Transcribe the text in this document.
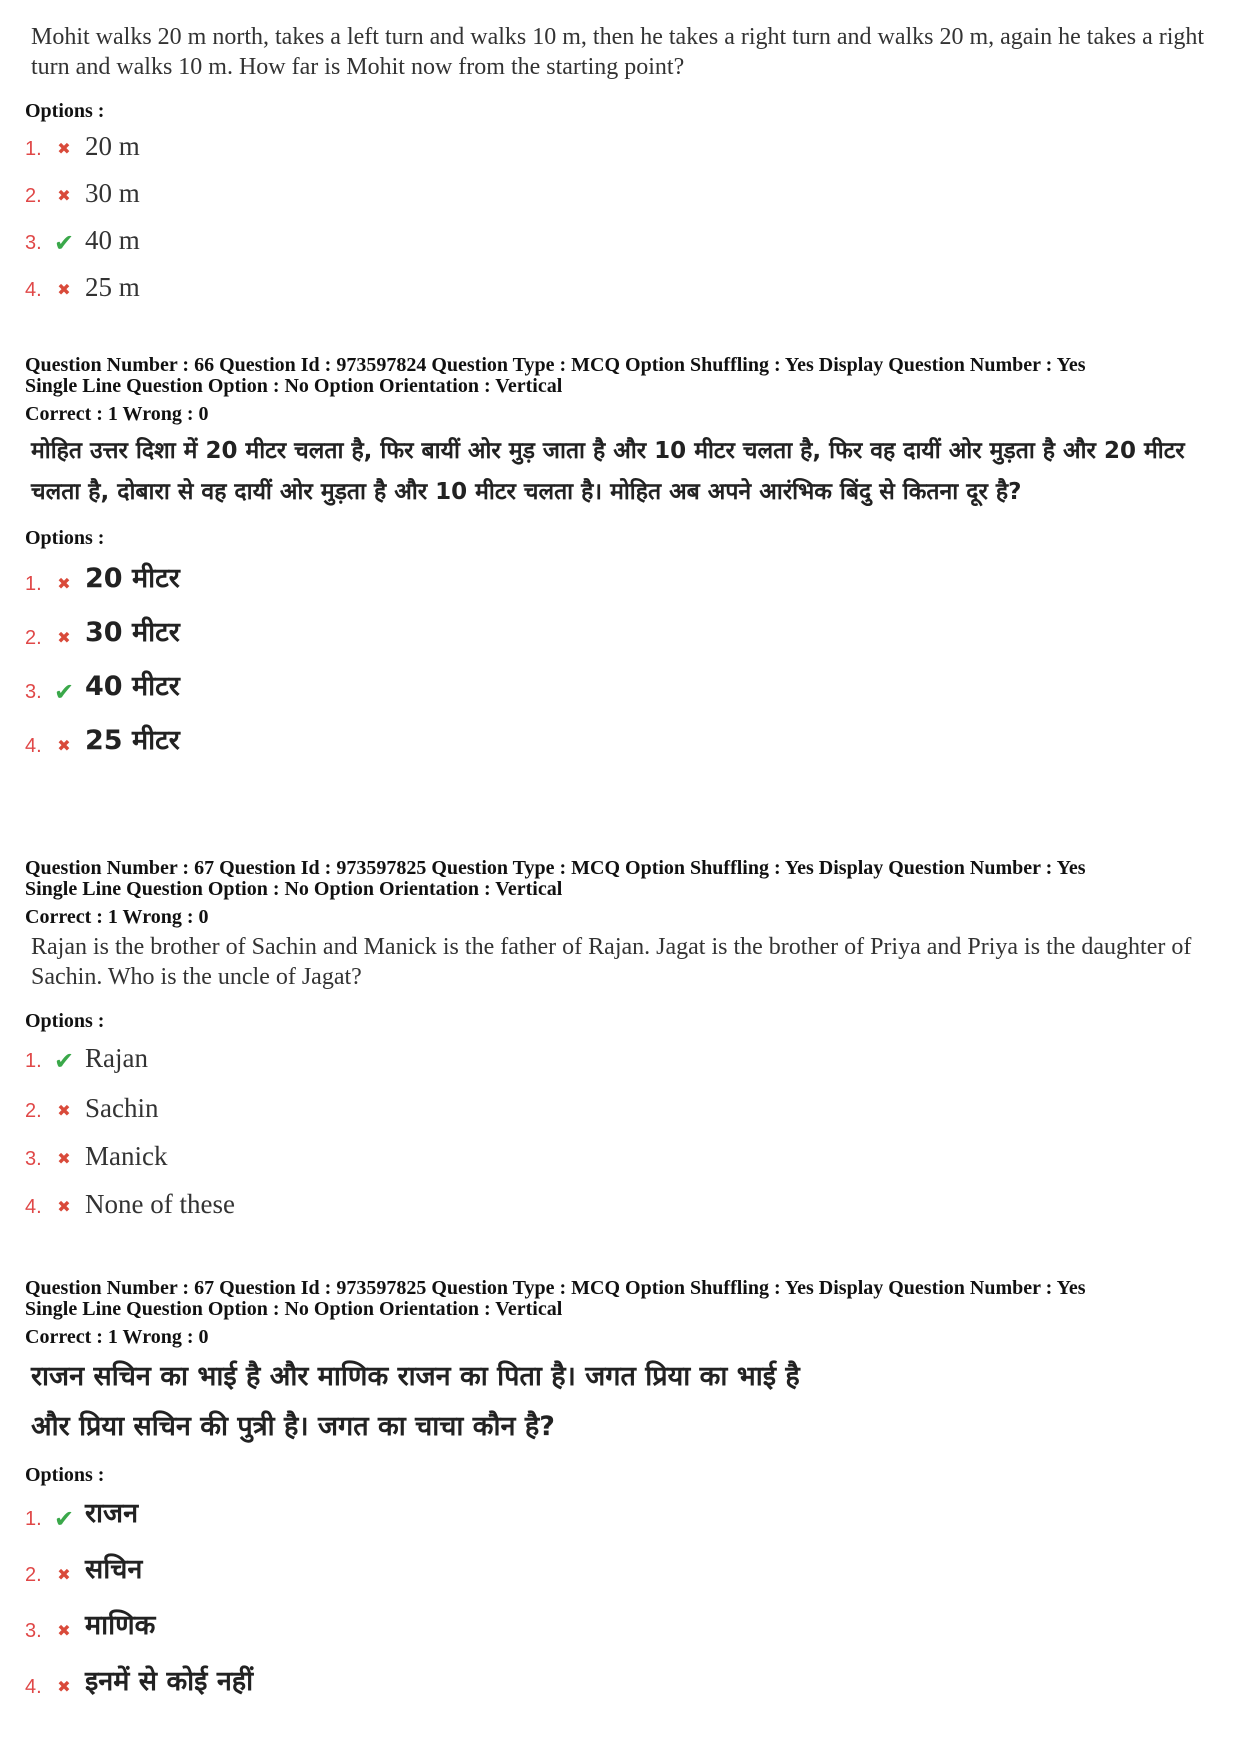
Mohit walks 20 m north, takes a left turn and walks 10 m, then he takes a right turn and walks 20 m, again he takes a right turn and walks 10 m. How far is Mohit now from the starting point?

Options :
1. ✖ 20 m
2. ✖ 30 m
3. ✔ 40 m
4. ✖ 25 m

Question Number : 66 Question Id : 973597824 Question Type : MCQ Option Shuffling : Yes Display Question Number : Yes

Single Line Question Option : No Option Orientation : Vertical

Correct : 1 Wrong : 0

मोहित उत्तर दिशा में 20 मीटर चलता है, फिर बायीं ओर मुड़ जाता है और 10 मीटर चलता है, फिर वह दायीं ओर मुड़ता है और 20 मीटर चलता है, दोबारा से वह दायीं ओर मुड़ता है और 10 मीटर चलता है। मोहित अब अपने आरंभिक बिंदु से कितना दूर है?

Options :
1. ✖ 20 मीटर
2. ✖ 30 मीटर
3. ✔ 40 मीटर
4. ✖ 25 मीटर

Question Number : 67 Question Id : 973597825 Question Type : MCQ Option Shuffling : Yes Display Question Number : Yes

Single Line Question Option : No Option Orientation : Vertical

Correct : 1 Wrong : 0

Rajan is the brother of Sachin and Manick is the father of Rajan. Jagat is the brother of Priya and Priya is the daughter of Sachin. Who is the uncle of Jagat?

Options :
1. ✔ Rajan
2. ✖ Sachin
3. ✖ Manick
4. ✖ None of these

Question Number : 67 Question Id : 973597825 Question Type : MCQ Option Shuffling : Yes Display Question Number : Yes

Single Line Question Option : No Option Orientation : Vertical

Correct : 1 Wrong : 0

राजन सचिन का भाई है और माणिक राजन का पिता है। जगत प्रिया का भाई है

और प्रिया सचिन की पुत्री है। जगत का चाचा कौन है?

Options :
1. ✔ राजन
2. ✖ सचिन
3. ✖ माणिक
4. ✖ इनमें से कोई नहीं
